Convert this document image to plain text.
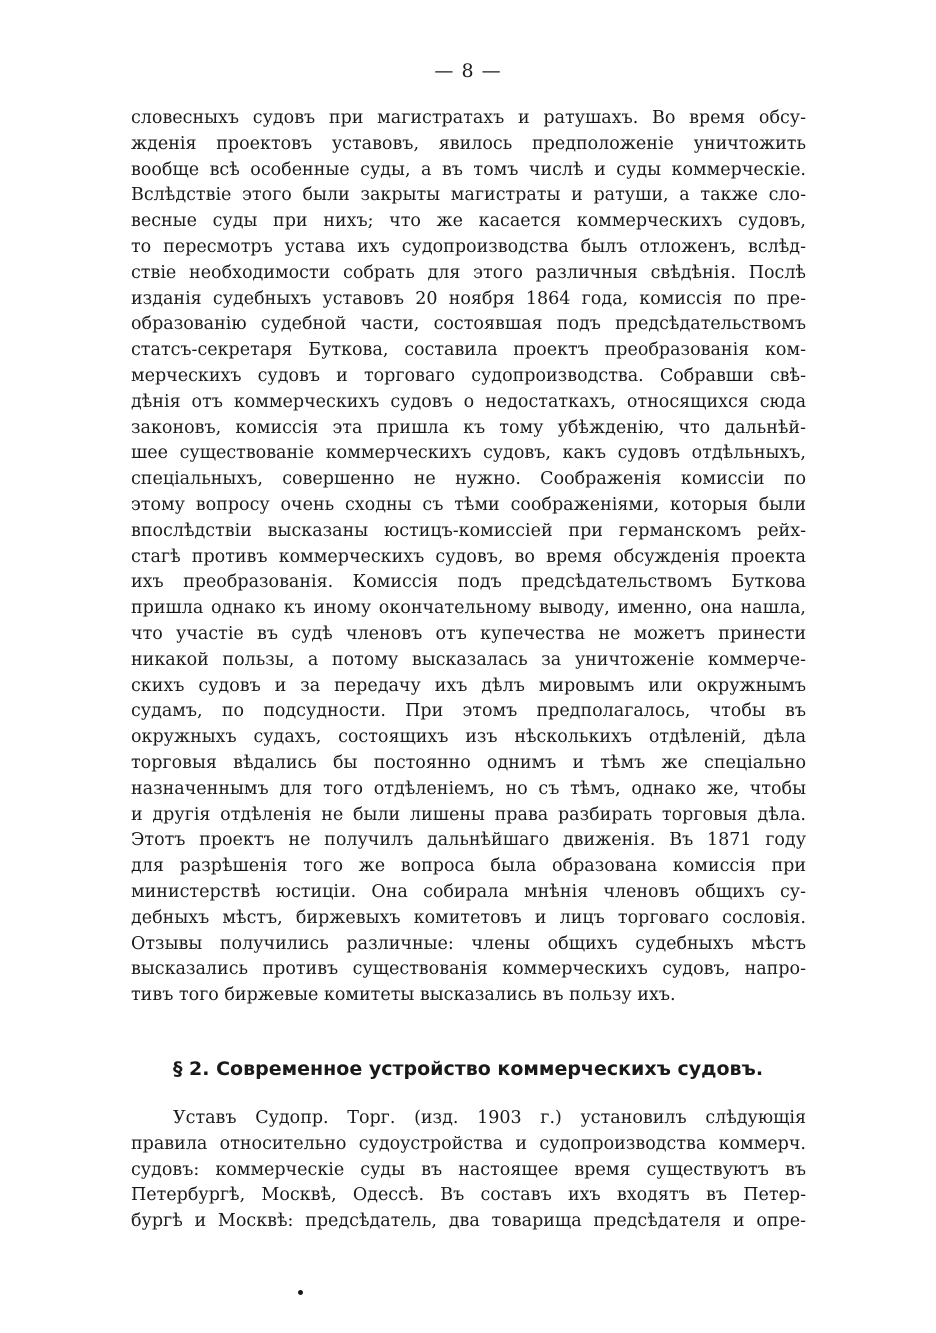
— 8 —
словесныхъ судовъ при магистратахъ и ратушахъ. Во время обсу-
жденія проектовъ уставовъ, явилось предположеніе уничтожить
вообще всѣ особенные суды, а въ томъ числѣ и суды коммерческіе.
Вслѣдствіе этого были закрыты магистраты и ратуши, а также сло-
весные суды при нихъ; что же касается коммерческихъ судовъ,
то пересмотръ устава ихъ судопроизводства былъ отложенъ, вслѣд-
ствіе необходимости собрать для этого различныя свѣдѣнія. Послѣ
изданія судебныхъ уставовъ 20 ноября 1864 года, комиссія по пре-
образованію судебной части, состоявшая подъ предсѣдательствомъ
статсъ-секретаря Буткова, составила проектъ преобразованія ком-
мерческихъ судовъ и торговаго судопроизводства. Собравши свѣ-
дѣнія отъ коммерческихъ судовъ о недостаткахъ, относящихся сюда
законовъ, комиссія эта пришла къ тому убѣжденію, что дальнѣй-
шее существованіе коммерческихъ судовъ, какъ судовъ отдѣльныхъ,
спеціальныхъ, совершенно не нужно. Соображенія комиссіи по
этому вопросу очень сходны съ тѣми соображеніями, которыя были
впослѣдствіи высказаны юстицъ-комиссіей при германскомъ рейх-
стагѣ противъ коммерческихъ судовъ, во время обсужденія проекта
ихъ преобразованія. Комиссія подъ предсѣдательствомъ Буткова
пришла однако къ иному окончательному выводу, именно, она нашла,
что участіе въ судѣ членовъ отъ купечества не можетъ принести
никакой пользы, а потому высказалась за уничтоженіе коммерче-
скихъ судовъ и за передачу ихъ дѣлъ мировымъ или окружнымъ
судамъ, по подсудности. При этомъ предполагалось, чтобы въ
окружныхъ судахъ, состоящихъ изъ нѣсколькихъ отдѣленій, дѣла
торговыя вѣдались бы постоянно однимъ и тѣмъ же спеціально
назначеннымъ для того отдѣленіемъ, но съ тѣмъ, однако же, чтобы
и другія отдѣленія не были лишены права разбирать торговыя дѣла.
Этотъ проектъ не получилъ дальнѣйшаго движенія. Въ 1871 году
для разрѣшенія того же вопроса была образована комиссія при
министерствѣ юстиціи. Она собирала мнѣнія членовъ общихъ су-
дебныхъ мѣстъ, биржевыхъ комитетовъ и лицъ торговаго сословія.
Отзывы получились различные: члены общихъ судебныхъ мѣстъ
высказались противъ существованія коммерческихъ судовъ, напро-
тивъ того биржевые комитеты высказались въ пользу ихъ.
§ 2. Современное устройство коммерческихъ судовъ.
Уставъ Судопр. Торг. (изд. 1903 г.) установилъ слѣдующія
правила относительно судоустройства и судопроизводства коммерч.
судовъ: коммерческіе суды въ настоящее время существуютъ въ
Петербургѣ, Москвѣ, Одессѣ. Въ составъ ихъ входятъ въ Петер-
бургѣ и Москвѣ: предсѣдатель, два товарища предсѣдателя и опре-
